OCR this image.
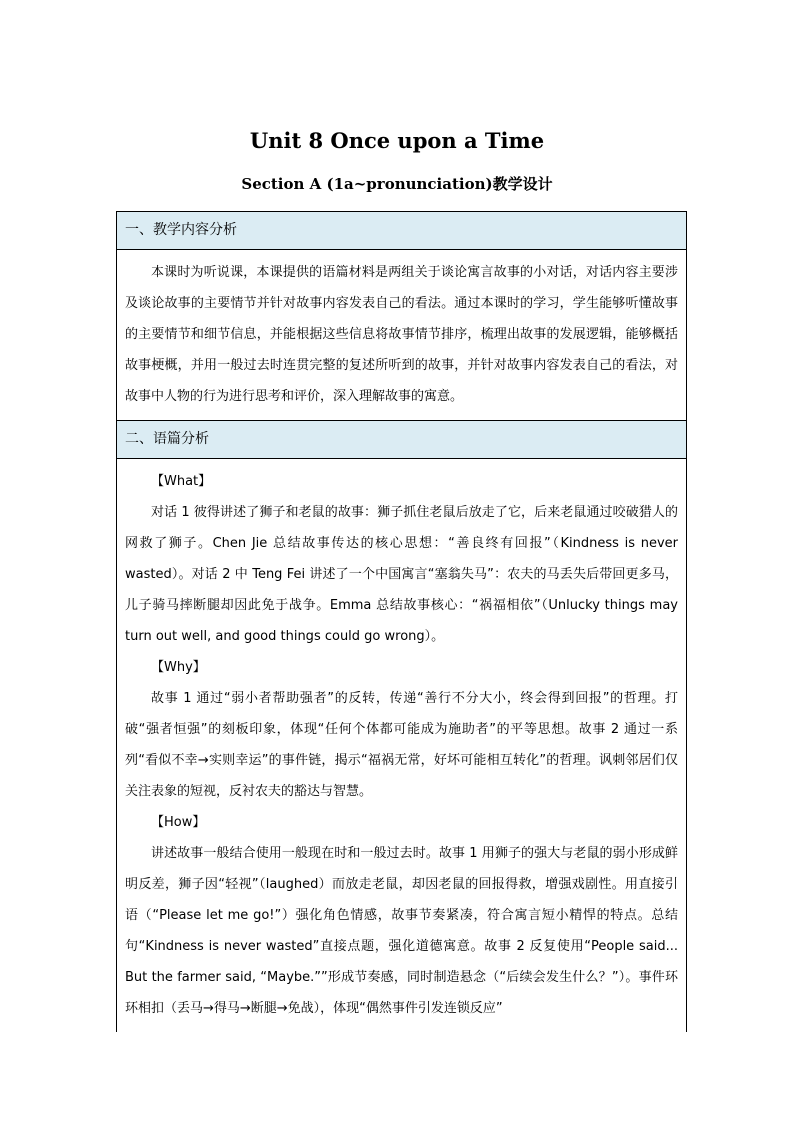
Unit 8 Once upon a Time
Section A (1a~pronunciation)教学设计
一、教学内容分析

本课时为听说课，本课提供的语篇材料是两组关于谈论寓言故事的小对话，对话内容主要涉及谈论故事的主要情节并针对故事内容发表自己的看法。通过本课时的学习，学生能够听懂故事的主要情节和细节信息，并能根据这些信息将故事情节排序，梳理出故事的发展逻辑，能够概括故事梗概，并用一般过去时连贯完整的复述所听到的故事，并针对故事内容发表自己的看法，对故事中人物的行为进行思考和评价，深入理解故事的寓意。

二、语篇分析

【What】

对话 1 彼得讲述了狮子和老鼠的故事：狮子抓住老鼠后放走了它，后来老鼠通过咬破猎人的网救了狮子。Chen Jie 总结故事传达的核心思想：“善良终有回报”（Kindness is never wasted）。对话 2 中 Teng Fei 讲述了一个中国寓言“塞翁失马”：农夫的马丢失后带回更多马，儿子骑马摔断腿却因此免于战争。Emma 总结故事核心：“祸福相依”（Unlucky things may turn out well, and good things could go wrong）。

【Why】

故事 1 通过“弱小者帮助强者”的反转，传递“善行不分大小，终会得到回报”的哲理。打破“强者恒强”的刻板印象，体现“任何个体都可能成为施助者”的平等思想。故事 2 通过一系列“看似不幸→实则幸运”的事件链，揭示“福祸无常，好坏可能相互转化”的哲理。讽刺邻居们仅关注表象的短视，反衬农夫的豁达与智慧。

【How】

讲述故事一般结合使用一般现在时和一般过去时。故事 1 用狮子的强大与老鼠的弱小形成鲜明反差，狮子因“轻视”（laughed）而放走老鼠，却因老鼠的回报得救，增强戏剧性。用直接引语（“Please let me go!”）强化角色情感，故事节奏紧凑，符合寓言短小精悍的特点。总结句“Kindness is never wasted”直接点题，强化道德寓意。故事 2 反复使用“People said... But the farmer said, “Maybe.””形成节奏感，同时制造悬念（“后续会发生什么？”）。事件环环相扣（丢马→得马→断腿→免战），体现“偶然事件引发连锁反应”
